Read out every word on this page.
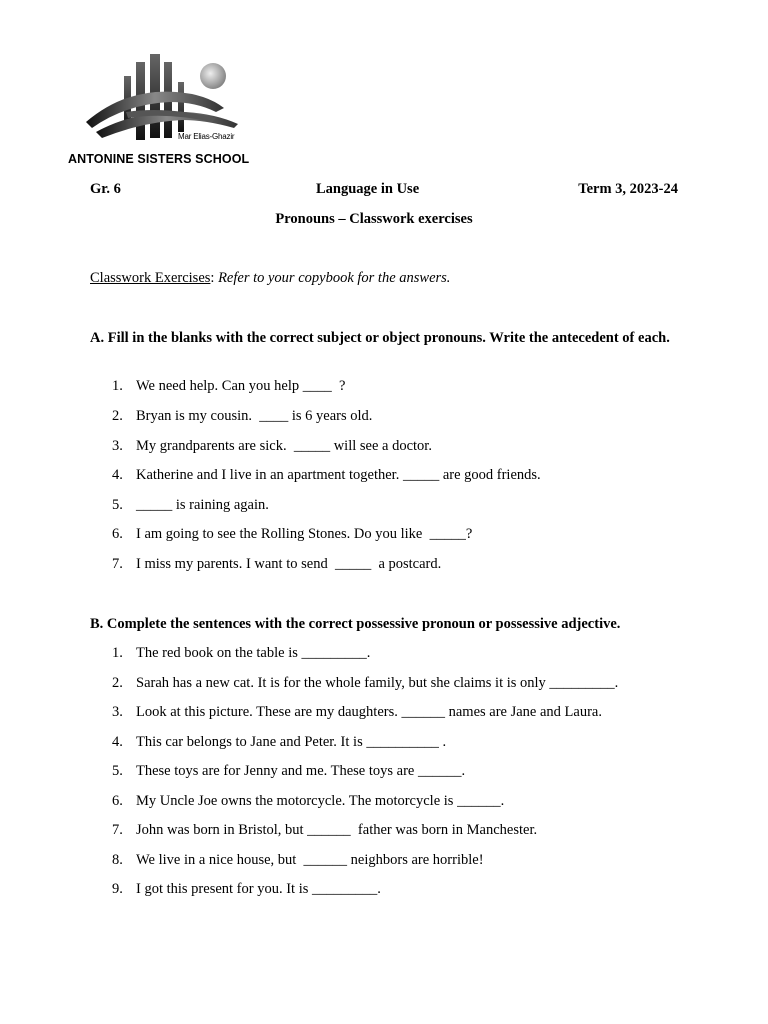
Mar Elias-Ghazir
ANTONINE SISTERS SCHOOL
Gr. 6	Language in Use	Term 3, 2023-24
Pronouns – Classwork exercises
Classwork Exercises: Refer to your copybook for the answers.
A. Fill in the blanks with the correct subject or object pronouns. Write the antecedent of each.
1. We need help. Can you help ____  ?
2. Bryan is my cousin.  ____ is 6 years old.
3. My grandparents are sick.  _____ will see a doctor.
4. Katherine and I live in an apartment together. _____ are good friends.
5. _____ is raining again.
6. I am going to see the Rolling Stones. Do you like  _____?
7. I miss my parents. I want to send  _____  a postcard.
B. Complete the sentences with the correct possessive pronoun or possessive adjective.
1. The red book on the table is _________.
2. Sarah has a new cat. It is for the whole family, but she claims it is only _________.
3. Look at this picture. These are my daughters. ______ names are Jane and Laura.
4. This car belongs to Jane and Peter. It is __________ .
5. These toys are for Jenny and me. These toys are ______.
6. My Uncle Joe owns the motorcycle. The motorcycle is ______.
7. John was born in Bristol, but ______  father was born in Manchester.
8. We live in a nice house, but  ______ neighbors are horrible!
9. I got this present for you. It is _________.
